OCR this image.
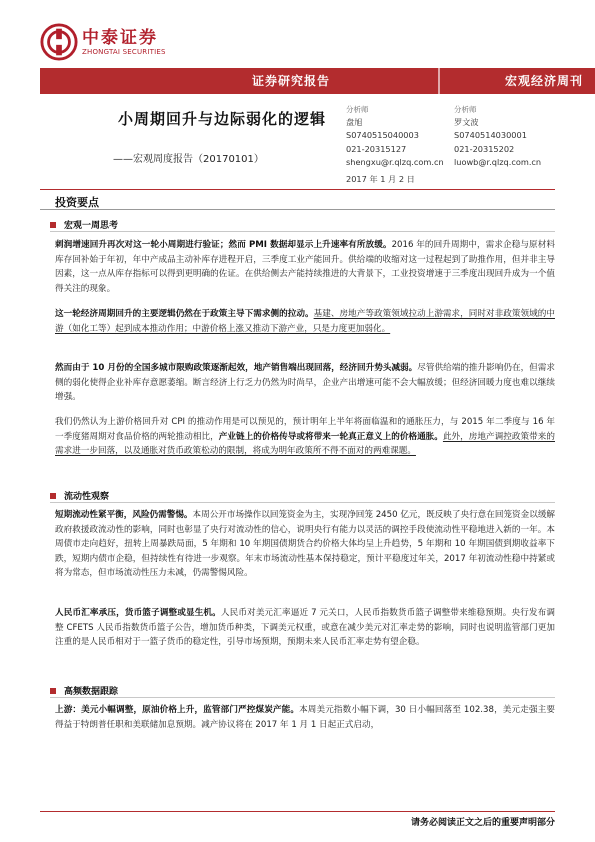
中泰证券
ZHONGTAI SECURITIES
证券研究报告	宏观经济周刊
小周期回升与边际弱化的逻辑
——宏观周度报告（20170101）
分析师
盘旭
S0740515040003
021-20315127
shengxu@r.qlzq.com.cn
分析师
罗文波
S0740514030001
021-20315202
luowb@r.qlzq.com.cn
2017 年 1 月 2 日
投资要点
宏观一周思考
刺润增速回升再次对这一轮小周期进行验证；然而 PMI 数据却显示上升速率有所放缓。2016 年的回升周期中，需求企稳与原材料库存回补始于年初，年中产成品主动补库存进程开启，三季度工业产能回升。供给端的收缩对这一过程起到了助推作用，但并非主导因素，这一点从库存指标可以得到更明确的佐证。在供给侧去产能持续推进的大背景下，工业投资增速于三季度出现回升成为一个值得关注的现象。
这一轮经济周期回升的主要逻辑仍然在于政策主导下需求侧的拉动。基建、房地产等政策领域拉动上游需求，同时对非政策领域的中游（如化工等）起到成本推动作用；中游价格上涨又推动下游产业，只是力度更加弱化。
然而由于 10 月份的全国多城市限购政策逐渐起效，地产销售端出现回落，经济回升势头减弱。尽管供给端的推升影响仍在，但需求侧的弱化使得企业补库存意愿萎缩。断言经济上行乏力仍然为时尚早，企业产出增速可能不会大幅放缓；但经济回暖力度也难以继续增强。
我们仍然认为上游价格回升对 CPI 的推动作用是可以预见的，预计明年上半年将面临温和的通胀压力，与 2015 年二季度与 16 年一季度猪周期对食品价格的两轮推动相比，产业链上的价格传导或将带来一轮真正意义上的价格通胀。此外，房地产调控政策带来的需求进一步回落，以及通胀对货币政策松动的限制，将成为明年政策所不得不面对的两难课题。
流动性观察
短期流动性紧平衡，风险仍需警惕。本周公开市场操作以回笼资金为主，实现净回笼 2450 亿元，既反映了央行意在回笼资金以缓解政府救援政流动性的影响，同时也彰显了央行对流动性的信心，说明央行有能力以灵活的调控手段使流动性平稳地进入新的一年。本周债市走向趋好，扭转上周暴跌局面，5 年期和 10 年期国债期货合约价格大体均呈上升趋势，5 年期和 10 年期国债到期收益率下跌，短期内债市企稳，但持续性有待进一步观察。年末市场流动性基本保持稳定，预计平稳度过年关，2017 年初流动性稳中持紧或将为常态，但市场流动性压力未减，仍需警惕风险。
人民币汇率承压，货币篮子调整或显生机。人民币对美元汇率逼近 7 元关口，人民币指数货币篮子调整带来维稳预期。央行发布调整 CFETS 人民币指数货币篮子公告，增加货币种类，下调美元权重，或意在减少美元对汇率走势的影响，同时也说明监管部门更加注重的是人民币相对于一篮子货币的稳定性，引导市场预期，预期未来人民币汇率走势有望企稳。
高频数据跟踪
上游：美元小幅调整，原油价格上升，监管部门严控煤炭产能。本周美元指数小幅下调，30 日小幅回落至 102.38，美元走强主要得益于特朗普任职和美联储加息预期。减产协议将在 2017 年 1 月 1 日起正式启动，
请务必阅读正文之后的重要声明部分
